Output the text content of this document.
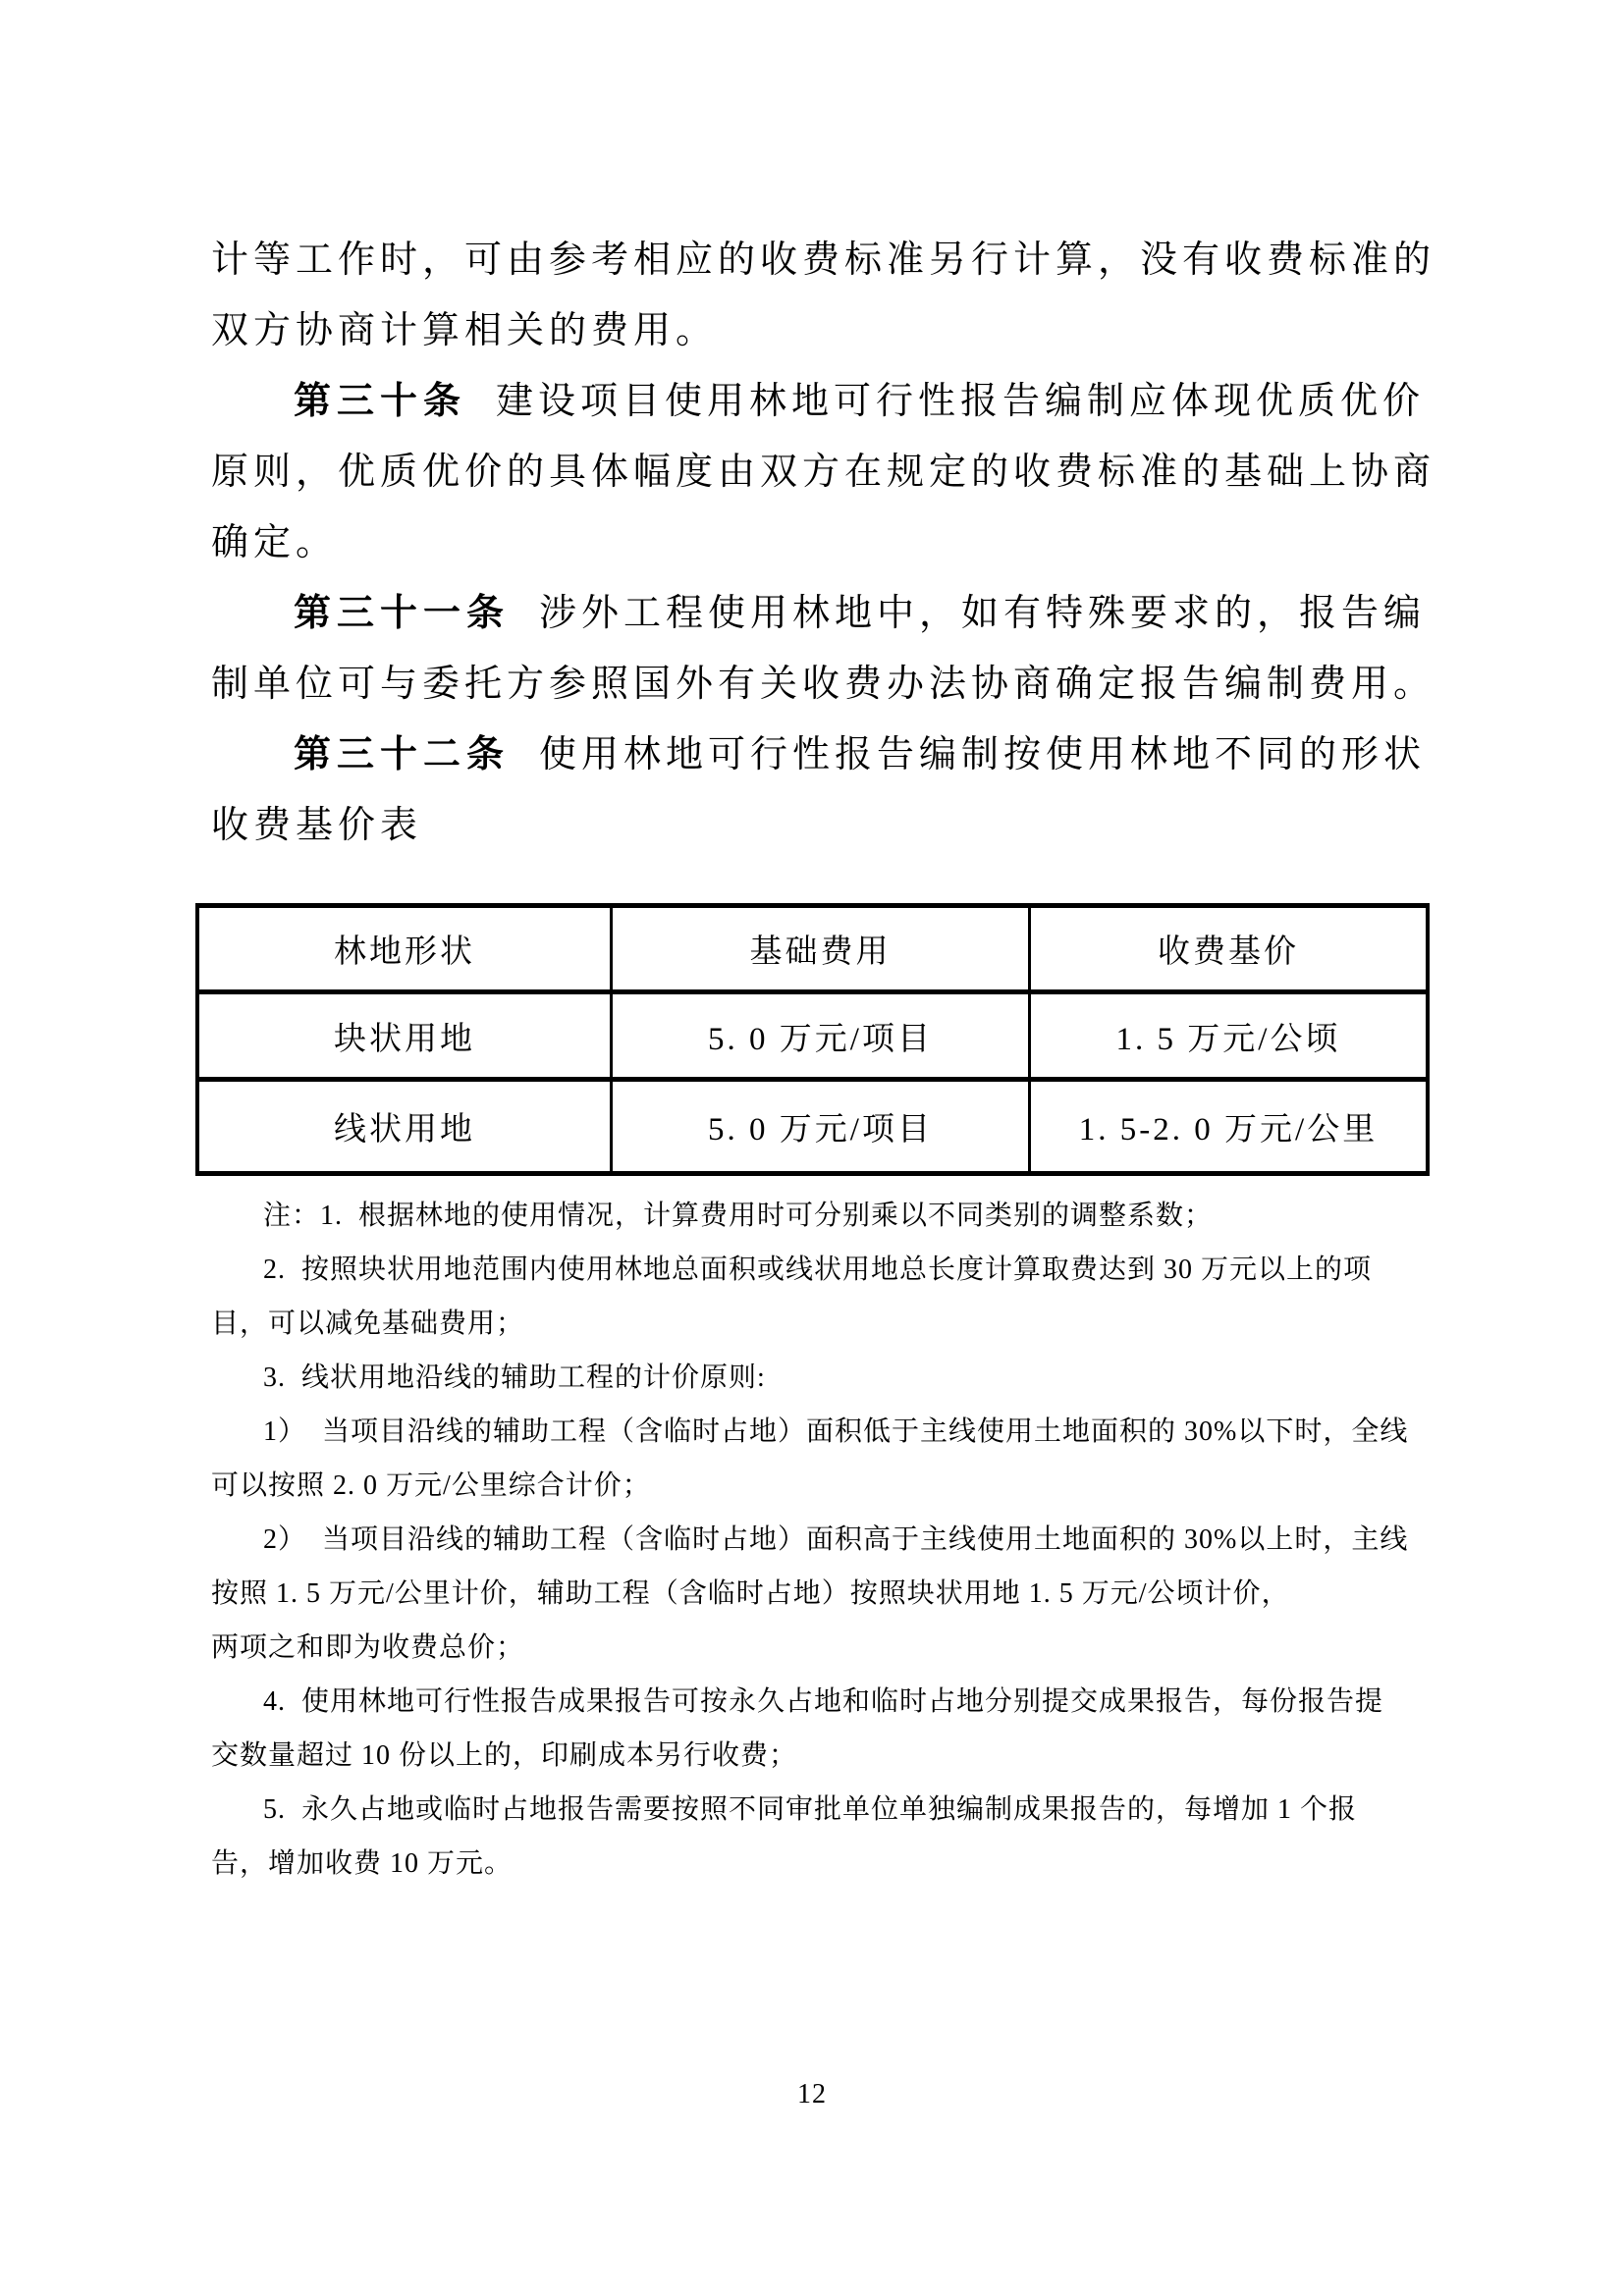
计等工作时，可由参考相应的收费标准另行计算，没有收费标准的
双方协商计算相关的费用。
第三十条 建设项目使用林地可行性报告编制应体现优质优价
原则，优质优价的具体幅度由双方在规定的收费标准的基础上协商
确定。
第三十一条 涉外工程使用林地中，如有特殊要求的，报告编
制单位可与委托方参照国外有关收费办法协商确定报告编制费用。
第三十二条 使用林地可行性报告编制按使用林地不同的形状
收费基价表
林地形状	基础费用	收费基价
块状用地	5. 0 万元/项目	1. 5 万元/公顷
线状用地	5. 0 万元/项目	1. 5-2. 0 万元/公里
注：1.  根据林地的使用情况，计算费用时可分别乘以不同类别的调整系数；
2.  按照块状用地范围内使用林地总面积或线状用地总长度计算取费达到 30 万元以上的项
目，可以减免基础费用；
3.  线状用地沿线的辅助工程的计价原则:
1）  当项目沿线的辅助工程（含临时占地）面积低于主线使用土地面积的 30%以下时，全线
可以按照 2. 0 万元/公里综合计价；
2）  当项目沿线的辅助工程（含临时占地）面积高于主线使用土地面积的 30%以上时，主线
按照 1. 5 万元/公里计价，辅助工程（含临时占地）按照块状用地 1. 5 万元/公顷计价，
两项之和即为收费总价；
4.  使用林地可行性报告成果报告可按永久占地和临时占地分别提交成果报告，每份报告提
交数量超过 10 份以上的，印刷成本另行收费；
5.  永久占地或临时占地报告需要按照不同审批单位单独编制成果报告的，每增加 1 个报
告，增加收费 10 万元。
12
